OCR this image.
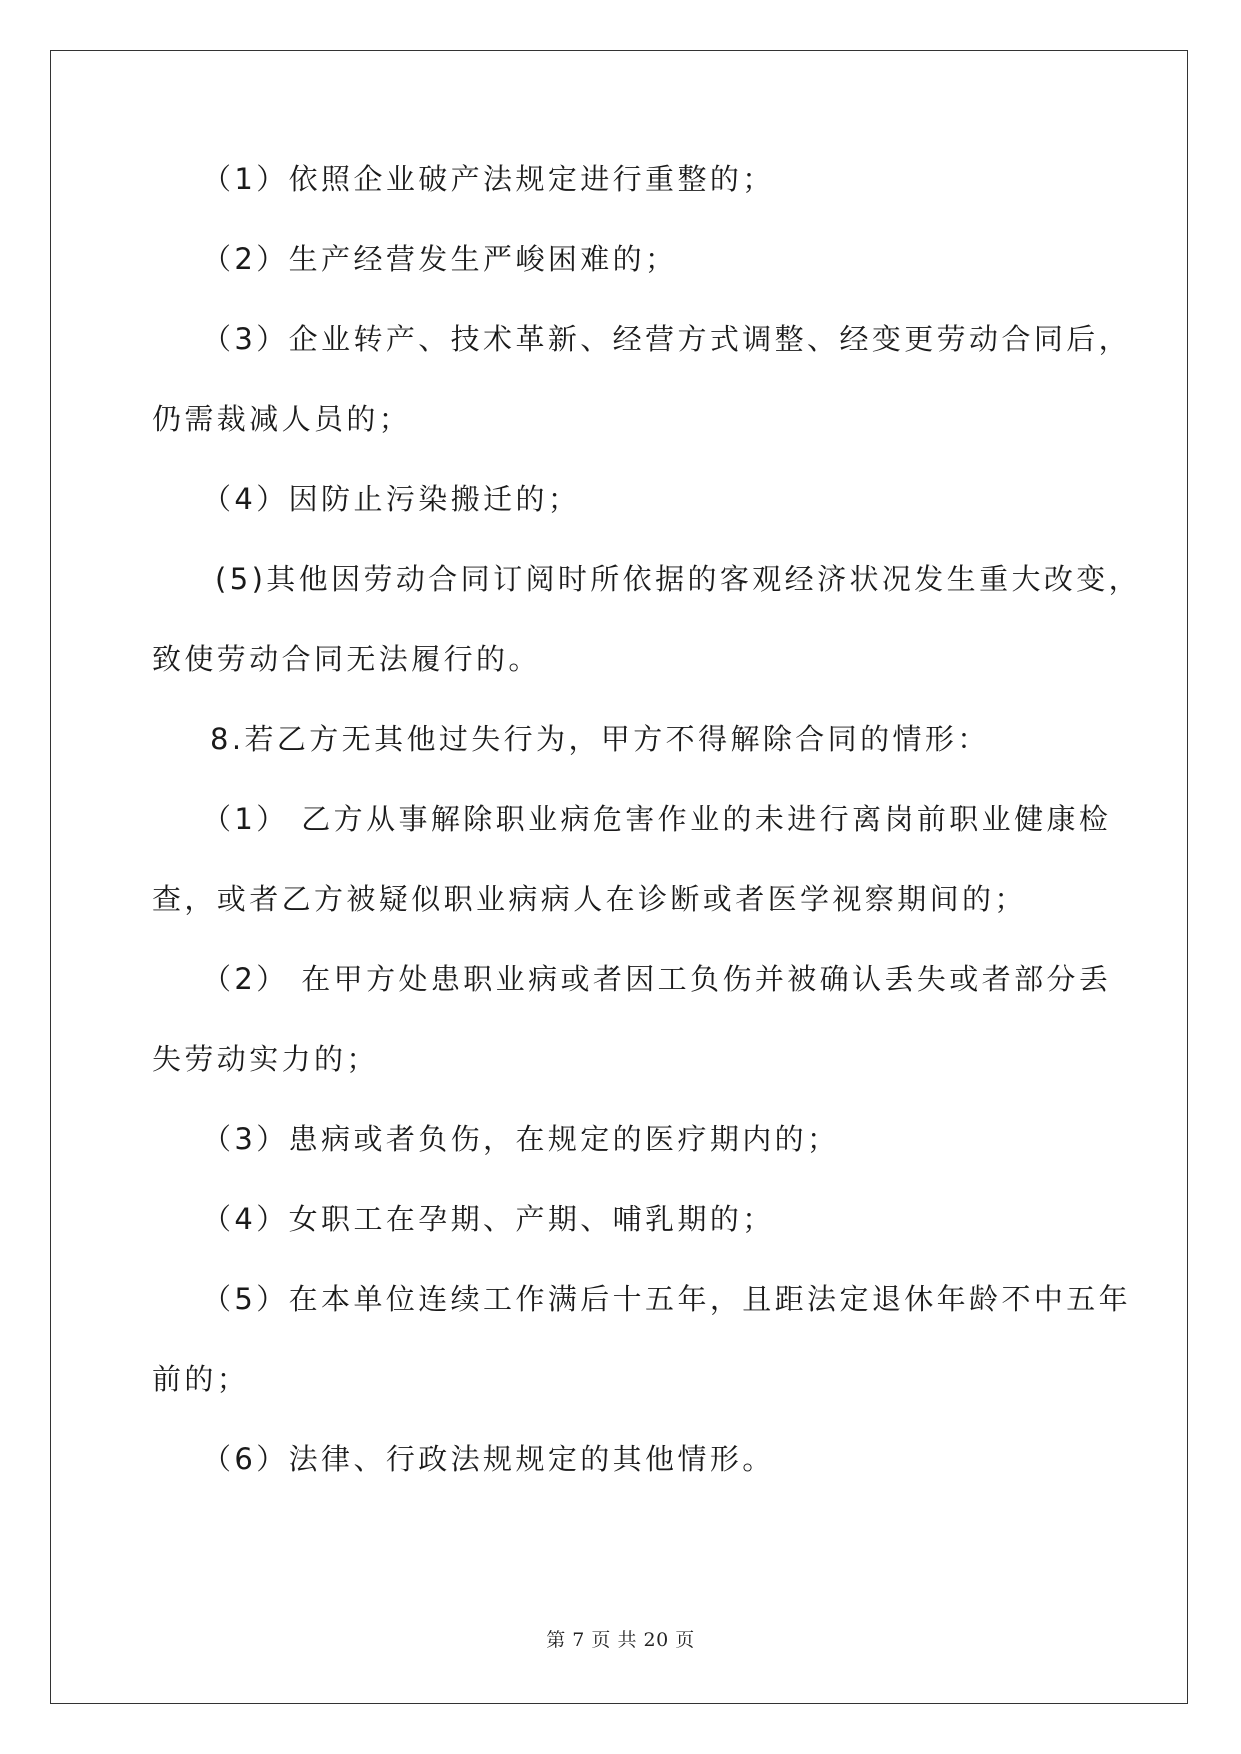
（1）依照企业破产法规定进行重整的；
（2）生产经营发生严峻困难的；
（3）企业转产、技术革新、经营方式调整、经变更劳动合同后，
仍需裁减人员的；
（4）因防止污染搬迁的；
(5)其他因劳动合同订阅时所依据的客观经济状况发生重大改变，
致使劳动合同无法履行的。
8.若乙方无其他过失行为，甲方不得解除合同的情形：
（1） 乙方从事解除职业病危害作业的未进行离岗前职业健康检
查，或者乙方被疑似职业病病人在诊断或者医学视察期间的；
（2） 在甲方处患职业病或者因工负伤并被确认丢失或者部分丢
失劳动实力的；
（3）患病或者负伤，在规定的医疗期内的；
（4）女职工在孕期、产期、哺乳期的；
（5）在本单位连续工作满后十五年，且距法定退休年龄不中五年
前的；
（6）法律、行政法规规定的其他情形。
第 7 页 共 20 页
